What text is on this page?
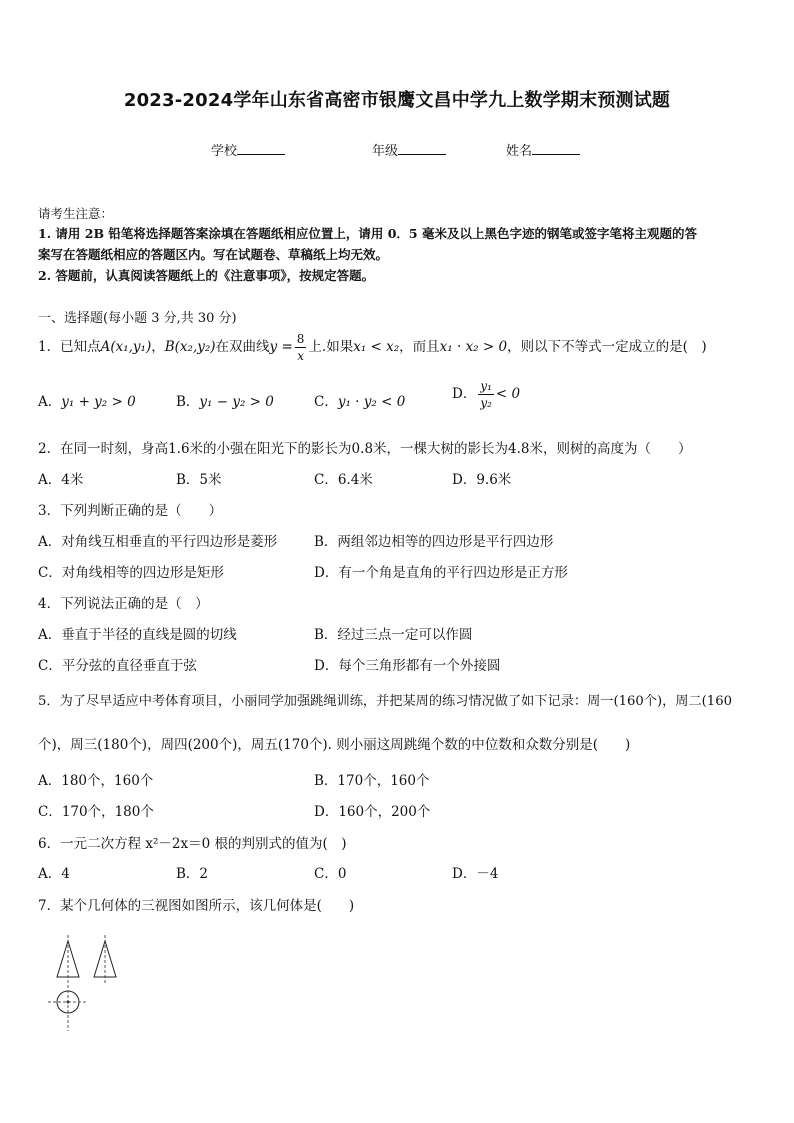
2023-2024学年山东省高密市银鹰文昌中学九上数学期末预测试题
学校	年级	姓名
请考生注意：
1. 请用 2B 铅笔将选择题答案涂填在答题纸相应位置上，请用 0．5 毫米及以上黑色字迹的钢笔或签字笔将主观题的答
案写在答题纸相应的答题区内。写在试题卷、草稿纸上均无效。
2. 答题前，认真阅读答题纸上的《注意事项》，按规定答题。
一、选择题(每小题 3 分,共 30 分)
1．已知点A(x₁,y₁)，B(x₂,y₂)在双曲线$y = \frac{8}{x}$ 上.如果x₁ < x₂，而且x₁ · x₂ > 0，则以下不等式一定成立的是(　)
A．y₁ + y₂ > 0	B．y₁ − y₂ > 0	C．y₁ · y₂ < 0	D． $\frac{\text{y₁}}{\text{y₂}} < 0$
2．在同一时刻，身高1.6米的小强在阳光下的影长为0.8米，一棵大树的影长为4.8米，则树的高度为（　　）
A．4米	B．5米	C．6.4米	D．9.6米
3．下列判断正确的是（　　）
A．对角线互相垂直的平行四边形是菱形	B．两组邻边相等的四边形是平行四边形
C．对角线相等的四边形是矩形	D．有一个角是直角的平行四边形是正方形
4．下列说法正确的是（　）
A．垂直于半径的直线是圆的切线	B．经过三点一定可以作圆
C．平分弦的直径垂直于弦	D．每个三角形都有一个外接圆
5．为了尽早适应中考体育项目，小丽同学加强跳绳训练，并把某周的练习情况做了如下记录：周一(160个)，周二(160
个)，周三(180个)，周四(200个)，周五(170个). 则小丽这周跳绳个数的中位数和众数分别是(　　)
A．180个，160个	B．170个，160个
C．170个，180个	D．160个，200个
6．一元二次方程 x²－2x＝0 根的判别式的值为(　)
A．4	B．2	C．0	D．－4
7．某个几何体的三视图如图所示，该几何体是(　　)
